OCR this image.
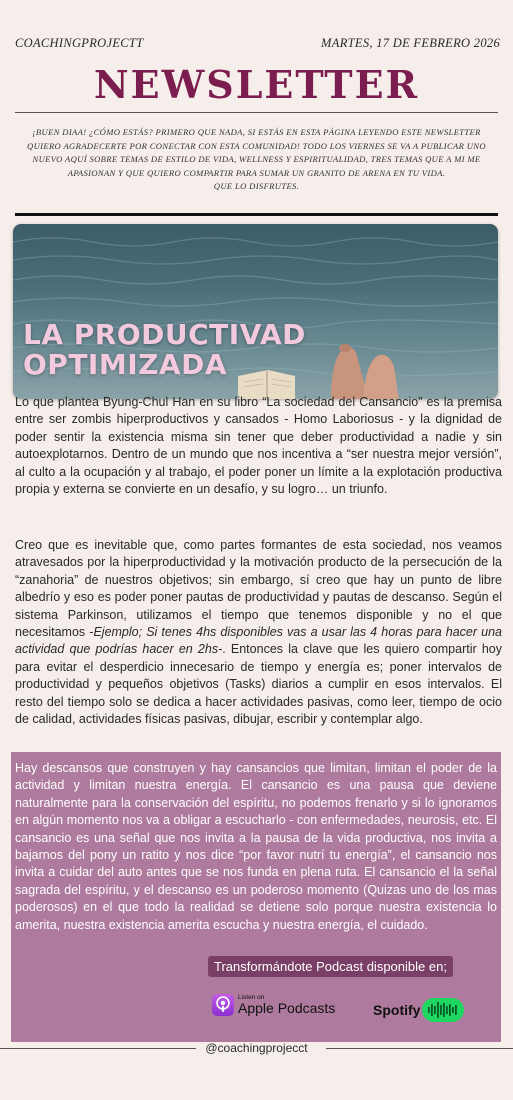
COACHINGPROJECTT	MARTES, 17 DE FEBRERO 2026
NEWSLETTER
¡BUEN DIAA! ¿CÓMO ESTÁS? PRIMERO QUE NADA, SI ESTÁS EN ESTA PÁGINA LEYENDO ESTE NEWSLETTER QUIERO AGRADECERTE POR CONECTAR CON ESTA COMUNIDAD! TODO LOS VIERNES SE VA A PUBLICAR UNO NUEVO AQUÍ SOBRE TEMAS DE ESTILO DE VIDA, WELLNESS Y ESPIRITUALIDAD, TRES TEMAS QUE A MI ME APASIONAN Y QUE QUIERO COMPARTIR PARA SUMAR UN GRANITO DE ARENA EN TU VIDA.
QUE LO DISFRUTES.
LA PRODUCTIVAD
OPTIMIZADA

Lo que plantea Byung-Chul Han en su libro “La sociedad del Cansancio” es la premisa entre ser zombis hiperproductivos y cansados - Homo Laboriosus - y la dignidad de poder sentir la existencia misma sin tener que deber productividad a nadie y sin autoexplotarnos. Dentro de un mundo que nos incentiva a “ser nuestra mejor versión”, al culto a la ocupación y al trabajo, el poder poner un límite a la explotación productiva propia y externa se convierte en un desafío, y su logro… un triunfo.

Creo que es inevitable que, como partes formantes de esta sociedad, nos veamos atravesados por la hiperproductividad y la motivación producto de la persecución de la “zanahoria” de nuestros objetivos; sin embargo, sí creo que hay un punto de libre albedrío y eso es poder poner pautas de productividad y pautas de descanso. Según el sistema Parkinson, utilizamos el tiempo que tenemos disponible y no el que necesitamos -Ejemplo; Si tenes 4hs disponibles vas a usar las 4 horas para hacer una actividad que podrías hacer en 2hs-. Entonces la clave que les quiero compartir hoy para evitar el desperdicio innecesario de tiempo y energía es; poner intervalos de productividad y pequeños objetivos (Tasks) diarios a cumplir en esos intervalos. El resto del tiempo solo se dedica a hacer actividades pasivas, como leer, tiempo de ocio de calidad, actividades físicas pasivas, dibujar, escribir y contemplar algo.

Hay descansos que construyen y hay cansancios que limitan, limitan el poder de la actividad y limitan nuestra energía. El cansancio es una pausa que deviene naturalmente para la conservación del espíritu, no podemos frenarlo y si lo ignoramos en algún momento nos va a obligar a escucharlo - con enfermedades, neurosis, etc. El cansancio es una señal que nos invita a la pausa de la vida productiva, nos invita a bajarnos del pony un ratito y nos dice “por favor nutrí tu energía”, el cansancio nos invita a cuidar del auto antes que se nos funda en plena ruta. El cansancio el la señal sagrada del espíritu, y el descanso es un poderoso momento (Quizas uno de los mas poderosos) en el que todo la realidad se detiene solo porque nuestra existencia lo amerita, nuestra existencia amerita escucha y nuestra energía, el cuidado.

Transformándote Podcast disponible en;
Listen on
Apple Podcasts	Spotify
@coachingprojecct
